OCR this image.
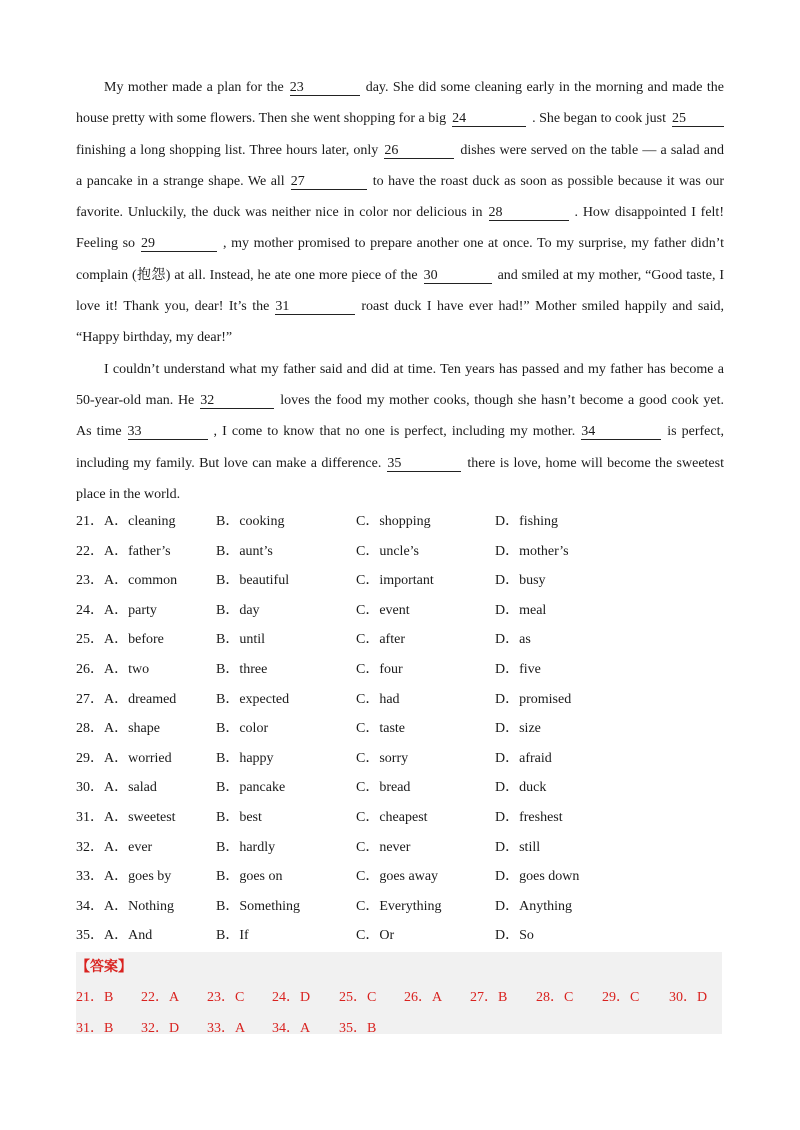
My mother made a plan for the 23	day. She did some cleaning early in the morning and made the
house pretty with some flowers. Then she went shopping for a big 24	. She began to cook just 25
finishing a long shopping list. Three hours later, only 26	dishes were served on the table — a salad and
a pancake in a strange shape. We all 27	to have the roast duck as soon as possible because it was our
favorite. Unluckily, the duck was neither nice in color nor delicious in 28	. How disappointed I felt!
Feeling so 29	, my mother promised to prepare another one at once. To my surprise, my father didn’t
complain (抱怨) at all. Instead, he ate one more piece of the 30	and smiled at my mother, “Good taste, I
love it! Thank you, dear! It’s the 31	roast duck I have ever had!” Mother smiled happily and said,
“Happy birthday, my dear!”
I couldn’t understand what my father said and did at time. Ten years has passed and my father has become a
50-year-old man. He 32	loves the food my mother cooks, though she hasn’t become a good cook yet.
As time 33	, I come to know that no one is perfect, including my mother. 34	is perfect,
including my family. But love can make a difference. 35	there is love, home will become the sweetest
place in the world.
21．A．cleaning	B．cooking	C．shopping	D．fishing
22．A．father’s	B．aunt’s	C．uncle’s	D．mother’s
23．A．common	B．beautiful	C．important	D．busy
24．A．party	B．day	C．event	D．meal
25．A．before	B．until	C．after	D．as
26．A．two	B．three	C．four	D．five
27．A．dreamed	B．expected	C．had	D．promised
28．A．shape	B．color	C．taste	D．size
29．A．worried	B．happy	C．sorry	D．afraid
30．A．salad	B．pancake	C．bread	D．duck
31．A．sweetest	B．best	C．cheapest	D．freshest
32．A．ever	B．hardly	C．never	D．still
33．A．goes by	B．goes on	C．goes away	D．goes down
34．A．Nothing	B．Something	C．Everything	D．Anything
35．A．And	B．If	C．Or	D．So
【答案】
21．B 22．A 23．C 24．D 25．C 26．A 27．B 28．C 29．C 30．D
31．B 32．D 33．A 34．A 35．B
